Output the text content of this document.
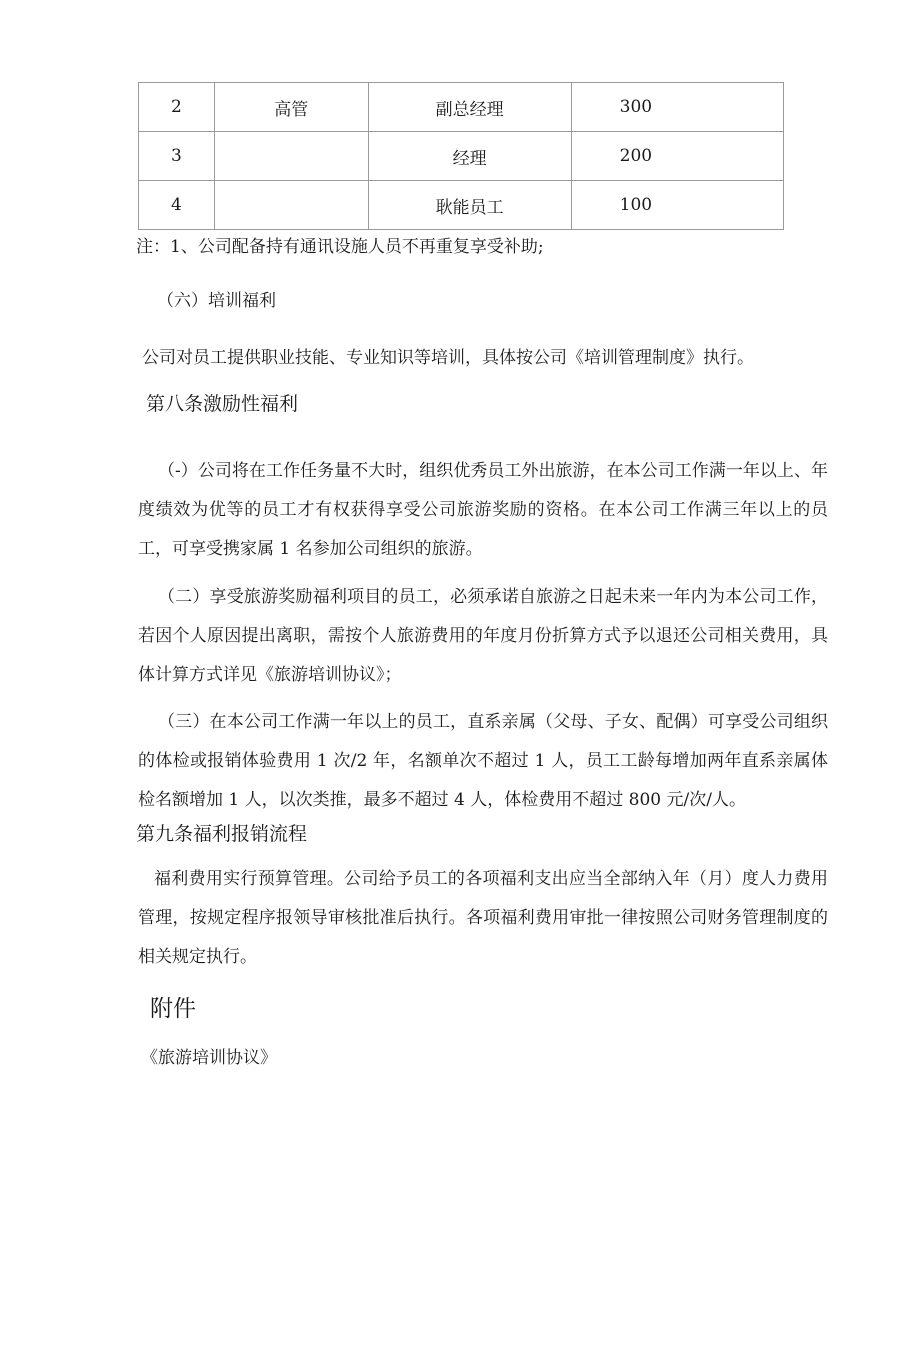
2	高管	副总经理	300
3		经理	200
4		耿能员工	100
注：1、公司配备持有通讯设施人员不再重复享受补助;
（六）培训福利
公司对员工提供职业技能、专业知识等培训，具体按公司《培训管理制度》执行。
第八条激励性福利

（-）公司将在工作任务量不大时，组织优秀员工外出旅游，在本公司工作满一年以上、年度绩效为优等的员工才有权获得享受公司旅游奖励的资格。在本公司工作满三年以上的员工，可享受携家属 1 名参加公司组织的旅游。

（二）享受旅游奖励福利项目的员工，必须承诺自旅游之日起未来一年内为本公司工作，若因个人原因提出离职，需按个人旅游费用的年度月份折算方式予以退还公司相关费用，具体计算方式详见《旅游培训协议》；

（三）在本公司工作满一年以上的员工，直系亲属（父母、子女、配偶）可享受公司组织的体检或报销体验费用 1 次/2 年，名额单次不超过 1 人，员工工龄每增加两年直系亲属体检名额增加 1 人，以次类推，最多不超过 4 人，体检费用不超过 800 元/次/人。

第九条福利报销流程

福利费用实行预算管理。公司给予员工的各项福利支出应当全部纳入年（月）度人力费用管理，按规定程序报领导审核批准后执行。各项福利费用审批一律按照公司财务管理制度的相关规定执行。

附件
《旅游培训协议》
